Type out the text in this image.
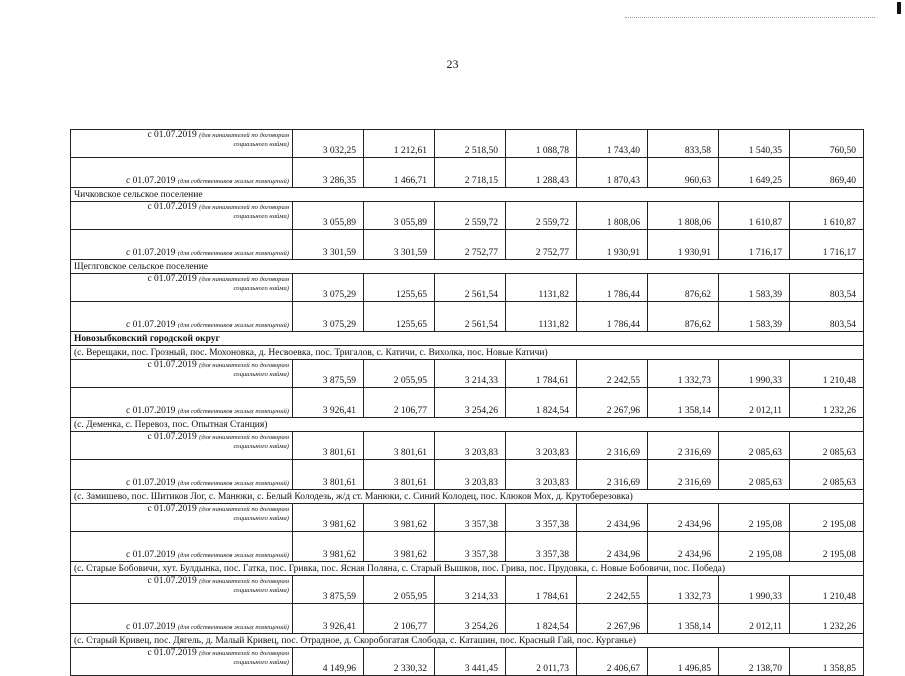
23
с 01.07.2019 (для нанимателей по договорам
социального найма)	3 032,25	1 212,61	2 518,50	1 088,78	1 743,40	833,58	1 540,35	760,50
с 01.07.2019 (для собственников жилых помещений)	3 286,35	1 466,71	2 718,15	1 288,43	1 870,43	960,63	1 649,25	869,40
Чичковское сельское поселение								
с 01.07.2019 (для нанимателей по договорам
социального найма)	3 055,89	3 055,89	2 559,72	2 559,72	1 808,06	1 808,06	1 610,87	1 610,87
с 01.07.2019 (для собственников жилых помещений)	3 301,59	3 301,59	2 752,77	2 752,77	1 930,91	1 930,91	1 716,17	1 716,17
Щеглговское сельское поселение								
с 01.07.2019 (для нанимателей по договорам
социального найма)	3 075,29	1255,65	2 561,54	1131,82	1 786,44	876,62	1 583,39	803,54
с 01.07.2019 (для собственников жилых помещений)	3 075,29	1255,65	2 561,54	1131,82	1 786,44	876,62	1 583,39	803,54
Новозыбковский городской округ								
(с. Верещаки, пос. Грозный, пос. Мохоновка, д. Несвоевка, пос. Тригалов, с. Катичи, с. Вихолка, пос. Новые Катичи)								
с 01.07.2019 (для нанимателей по договорам
социального найма)	3 875,59	2 055,95	3 214,33	1 784,61	2 242,55	1 332,73	1 990,33	1 210,48
с 01.07.2019 (для собственников жилых помещений)	3 926,41	2 106,77	3 254,26	1 824,54	2 267,96	1 358,14	2 012,11	1 232,26
(с. Деменка, с. Перевоз, пос. Опытная Станция)								
с 01.07.2019 (для нанимателей по договорам
социального найма)	3 801,61	3 801,61	3 203,83	3 203,83	2 316,69	2 316,69	2 085,63	2 085,63
с 01.07.2019 (для собственников жилых помещений)	3 801,61	3 801,61	3 203,83	3 203,83	2 316,69	2 316,69	2 085,63	2 085,63
(с. Замишево, пос. Шитиков Лог, с. Манюки, с. Белый Колодезь, ж/д ст. Манюки, с. Синий Колодец, пос. Клюков Мох, д. Крутоберезовка)								
с 01.07.2019 (для нанимателей по договорам
социального найма)	3 981,62	3 981,62	3 357,38	3 357,38	2 434,96	2 434,96	2 195,08	2 195,08
с 01.07.2019 (для собственников жилых помещений)	3 981,62	3 981,62	3 357,38	3 357,38	2 434,96	2 434,96	2 195,08	2 195,08
(с. Старые Бобовичи, хут. Булдынка, пос. Гатка, пос. Гривка, пос. Ясная Поляна, с. Старый Вышков, пос. Грива, пос. Прудовка, с. Новые Бобовичи, пос. Победа)								
с 01.07.2019 (для нанимателей по договорам
социального найма)	3 875,59	2 055,95	3 214,33	1 784,61	2 242,55	1 332,73	1 990,33	1 210,48
с 01.07.2019 (для собственников жилых помещений)	3 926,41	2 106,77	3 254,26	1 824,54	2 267,96	1 358,14	2 012,11	1 232,26
(с. Старый Кривец, пос. Дягель, д. Малый Кривец, пос. Отрадное, д. Скоробогатая Слобода, с. Каташин, пос. Красный Гай, пос. Курганье)								
с 01.07.2019 (для нанимателей по договорам
социального найма)	4 149,96	2 330,32	3 441,45	2 011,73	2 406,67	1 496,85	2 138,70	1 358,85
